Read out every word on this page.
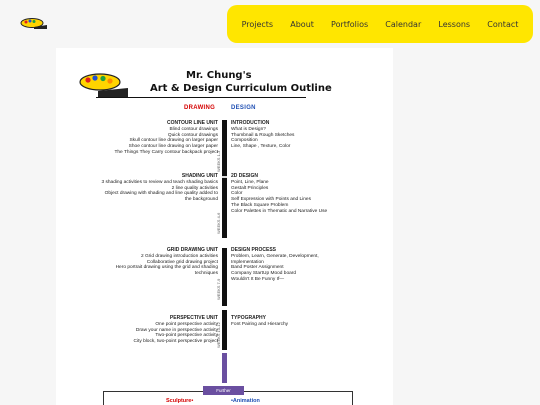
Projects About Portfolios Calendar Lessons Contact
Mr. Chung's
Art & Design Curriculum Outline
DRAWING	DESIGN
WEEKS 1-3
WEEKS 4-6
WEEKS 7-9
WEEKS 10-12
CONTOUR LINE UNIT
Blind contour drawings
Quick contour drawings
Skull contour line drawing on larger paper
Shoe contour line drawing on larger paper
The Things They Carry contour backpack project
INTRODUCTION
What is Design?
Thumbnail & Rough Sketches
Composition
Line, Shape , Texture, Color
SHADING UNIT
3 shading activities to review and teach shading basics
2 line quality activities
Object drawing with shading and line quality added to
the background
2D DESIGN
Point, Line, Plane
Gestalt Principles
Color
Self Expression with Points and Lines
The Black Square Problem
Color Palettes in Thematic and Narrative Use
GRID DRAWING UNIT
2 Grid drawing introduction activities
Collaborative grid drawing project
Hero portrait drawing using the grid and shading
techniques
DESIGN PROCESS
Problem, Learn, Generate, Development,
Implementation
Band Poster Assignment
Company StartUp Mood board
Wouldn't It Be Funny If—
PERSPECTIVE UNIT
One point perspective activity
Draw your name in perspective activity
Two-point perspective activity
City block, two-point perspective project
TYPOGRAPHY
Font Pairing and Hierarchy
Further
Sculpture•	•Animation
